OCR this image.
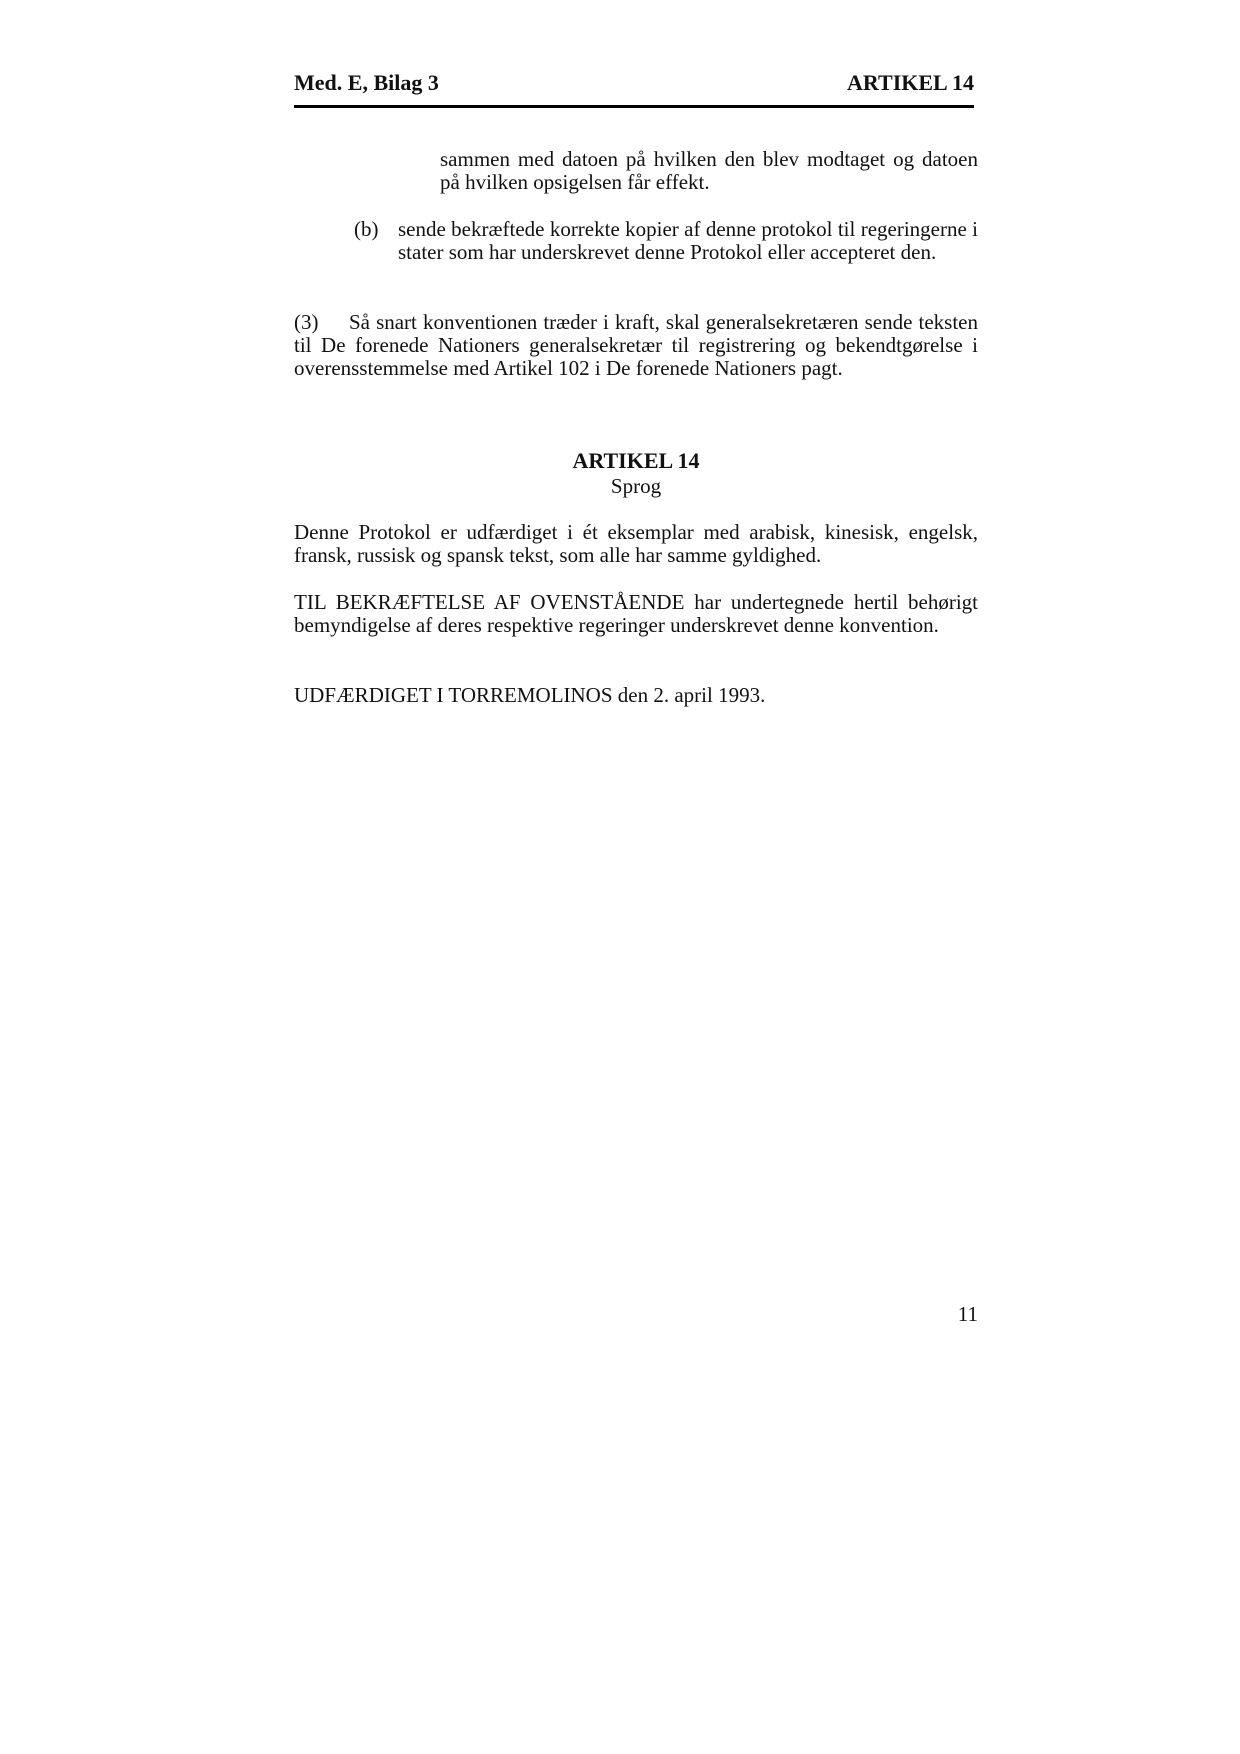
Med. E, Bilag 3	ARTIKEL 14

sammen med datoen på hvilken den blev modtaget og datoen på hvilken opsigelsen får effekt.

(b) sende bekræftede korrekte kopier af denne protokol til regeringerne i stater som har underskrevet denne Protokol eller accepteret den.

(3) Så snart konventionen træder i kraft, skal generalsekretæren sende teksten til De forenede Nationers generalsekretær til registrering og bekendtgørelse i overensstemmelse med Artikel 102 i De forenede Nationers pagt.

ARTIKEL 14
Sprog

Denne Protokol er udfærdiget i ét eksemplar med arabisk, kinesisk, engelsk, fransk, russisk og spansk tekst, som alle har samme gyldighed.

TIL BEKRÆFTELSE AF OVENSTÅENDE har undertegnede hertil behørigt bemyndigelse af deres respektive regeringer underskrevet denne konvention.

UDFÆRDIGET I TORREMOLINOS den 2. april 1993.

11
